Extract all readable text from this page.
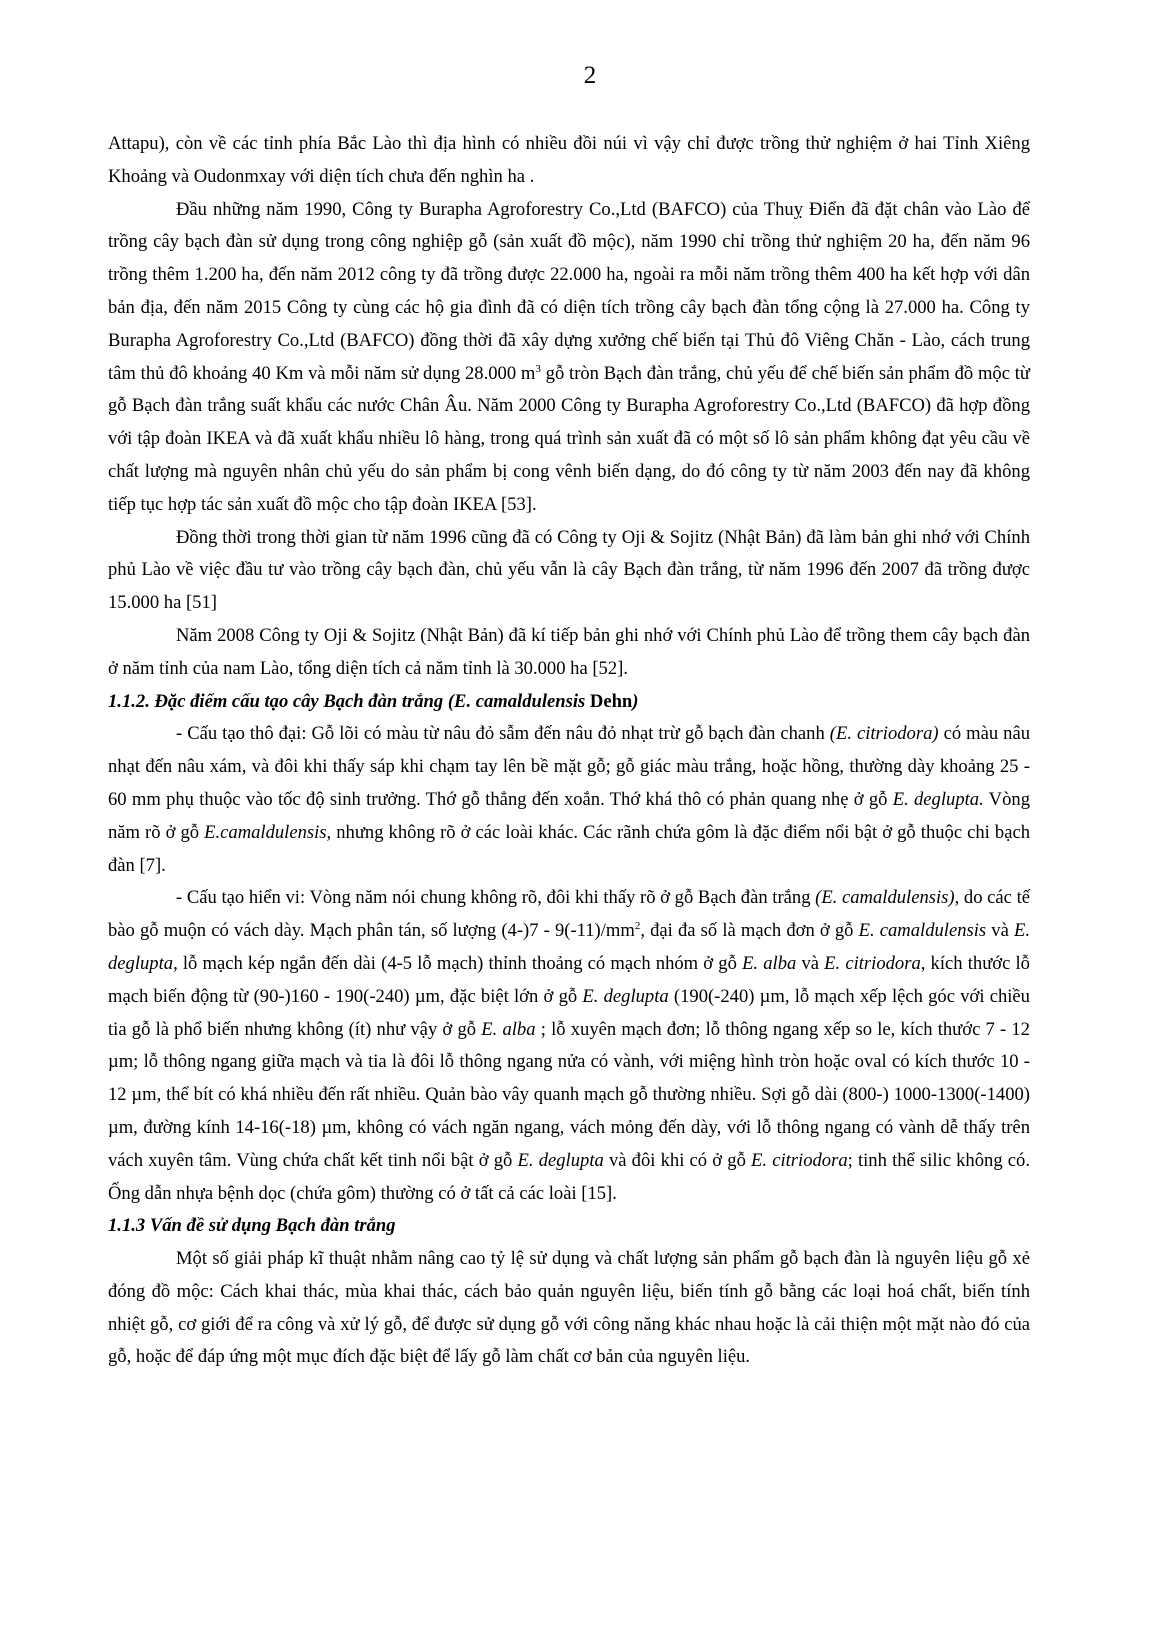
2

Attapu), còn về các tỉnh phía Bắc Lào thì địa hình có nhiều đồi núi vì vậy chỉ được trồng thử nghiệm ở hai Tỉnh Xiêng Khoảng và Oudonmxay với diện tích chưa đến nghìn ha .

Đầu những năm 1990, Công ty Burapha Agroforestry Co.,Ltd (BAFCO) của Thuỵ Điển đã đặt chân vào Lào để trồng cây bạch đàn sử dụng trong công nghiệp gỗ (sản xuất đồ mộc), năm 1990 chỉ trồng thử nghiệm 20 ha, đến năm 96 trồng thêm 1.200 ha, đến năm 2012 công ty đã trồng được 22.000 ha, ngoài ra mỗi năm trồng thêm 400 ha kết hợp với dân bản địa, đến năm 2015 Công ty cùng các hộ gia đình đã có diện tích trồng cây bạch đàn tổng cộng là 27.000 ha. Công ty Burapha Agroforestry Co.,Ltd (BAFCO) đồng thời đã xây dựng xưởng chế biến tại Thủ đô Viêng Chăn - Lào, cách trung tâm thủ đô khoảng 40 Km và mỗi năm sử dụng 28.000 $m^3$ gỗ tròn Bạch đàn trắng, chủ yếu để chế biến sản phẩm đồ mộc từ gỗ Bạch đàn trắng suất khẩu các nước Chân Âu. Năm 2000 Công ty Burapha Agroforestry Co.,Ltd (BAFCO) đã hợp đồng với tập đoàn IKEA và đã xuất khẩu nhiều lô hàng, trong quá trình sản xuất đã có một số lô sản phẩm không đạt yêu cầu về chất lượng mà nguyên nhân chủ yếu do sản phẩm bị cong vênh biến dạng, do đó công ty từ năm 2003 đến nay đã không tiếp tục hợp tác sản xuất đồ mộc cho tập đoàn IKEA [53].

Đồng thời trong thời gian từ năm 1996 cũng đã có Công ty Oji & Sojitz (Nhật Bản) đã làm bản ghi nhớ với Chính phủ Lào về việc đầu tư vào trồng cây bạch đàn, chủ yếu vẫn là cây Bạch đàn trắng, từ năm 1996 đến 2007 đã trồng được 15.000 ha [51]

Năm 2008 Công ty Oji & Sojitz (Nhật Bản) đã kí tiếp bản ghi nhớ với Chính phủ Lào để trồng them cây bạch đàn ở năm tỉnh của nam Lào, tổng diện tích cả năm tỉnh là 30.000 ha [52].

1.1.2. Đặc điểm cấu tạo cây Bạch đàn trắng (E. camaldulensis Dehn)

- Cấu tạo thô đại: Gỗ lõi có màu từ nâu đỏ sẫm đến nâu đỏ nhạt trừ gỗ bạch đàn chanh (E. citriodora) có màu nâu nhạt đến nâu xám, và đôi khi thấy sáp khi chạm tay lên bề mặt gỗ; gỗ giác màu trắng, hoặc hồng, thường dày khoảng 25 - 60 mm phụ thuộc vào tốc độ sinh trưởng. Thớ gỗ thẳng đến xoắn. Thớ khá thô có phản quang nhẹ ở gỗ E. deglupta. Vòng năm rõ ở gỗ E.camaldulensis, nhưng không rõ ở các loài khác. Các rãnh chứa gôm là đặc điểm nổi bật ở gỗ thuộc chi bạch đàn [7].

- Cấu tạo hiển vi: Vòng năm nói chung không rõ, đôi khi thấy rõ ở gỗ Bạch đàn trắng (E. camaldulensis), do các tế bào gỗ muộn có vách dày. Mạch phân tán, số lượng $(4-)7 - 9(-11)/mm^2$, đại đa số là mạch đơn ở gỗ E. camaldulensis và E. deglupta, lỗ mạch kép ngắn đến dài (4-5 lỗ mạch) thỉnh thoảng có mạch nhóm ở gỗ E. alba và E. citriodora, kích thước lỗ mạch biến động từ (90-)160 - 190(-240) µm, đặc biệt lớn ở gỗ E. deglupta (190(-240) µm, lỗ mạch xếp lệch góc với chiều tia gỗ là phổ biến nhưng không (ít) như vậy ở gỗ E. alba ; lỗ xuyên mạch đơn; lỗ thông ngang xếp so le, kích thước 7 - 12 µm; lỗ thông ngang giữa mạch và tia là đôi lỗ thông ngang nửa có vành, với miệng hình tròn hoặc oval có kích thước 10 - 12 µm, thể bít có khá nhiều đến rất nhiều. Quản bào vây quanh mạch gỗ thường nhiều. Sợi gỗ dài (800-) 1000-1300(-1400) µm, đường kính 14-16(-18) µm, không có vách ngăn ngang, vách mỏng đến dày, với lỗ thông ngang có vành dễ thấy trên vách xuyên tâm. Vùng chứa chất kết tinh nổi bật ở gỗ E. deglupta và đôi khi có ở gỗ E. citriodora; tinh thể silic không có. Ống dẫn nhựa bệnh dọc (chứa gôm) thường có ở tất cả các loài [15].

1.1.3 Vấn đề sử dụng Bạch đàn trắng

Một số giải pháp kĩ thuật nhằm nâng cao tỷ lệ sử dụng và chất lượng sản phẩm gỗ bạch đàn là nguyên liệu gỗ xẻ đóng đồ mộc: Cách khai thác, mùa khai thác, cách bảo quản nguyên liệu, biến tính gỗ bằng các loại hoá chất, biến tính nhiệt gỗ, cơ giới để ra công và xử lý gỗ, để được sử dụng gỗ với công năng khác nhau hoặc là cải thiện một mặt nào đó của gỗ, hoặc để đáp ứng một mục đích đặc biệt để lấy gỗ làm chất cơ bản của nguyên liệu.
